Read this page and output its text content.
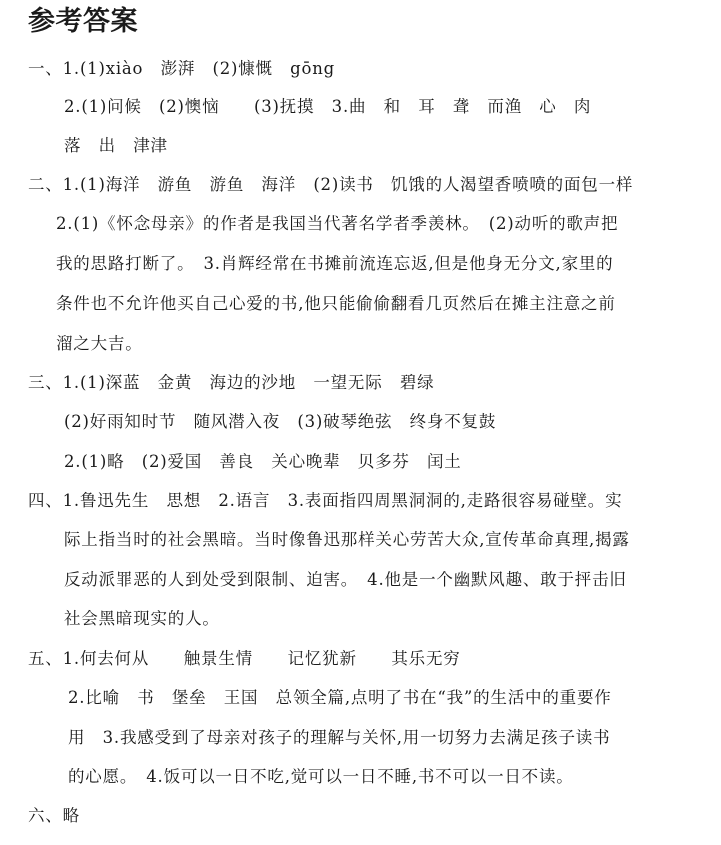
参考答案
一、1.(1)xiào　澎湃　(2)慷慨　gōng
2.(1)问候　(2)懊恼　　(3)抚摸　3.曲　和　耳　聋　而渔　心　肉
落　出　津津
二、1.(1)海洋　游鱼　游鱼　海洋　(2)读书　饥饿的人渴望香喷喷的面包一样
2.(1)《怀念母亲》的作者是我国当代著名学者季羡林。　(2)动听的歌声把
我的思路打断了。　3.肖辉经常在书摊前流连忘返,但是他身无分文,家里的
条件也不允许他买自己心爱的书,他只能偷偷翻看几页然后在摊主注意之前
溜之大吉。
三、1.(1)深蓝　金黄　海边的沙地　一望无际　碧绿
(2)好雨知时节　随风潜入夜　(3)破琴绝弦　终身不复鼓
2.(1)略　(2)爱国　善良　关心晚辈　贝多芬　闰土
四、1.鲁迅先生　思想　2.语言　3.表面指四周黑洞洞的,走路很容易碰壁。实
际上指当时的社会黑暗。当时像鲁迅那样关心劳苦大众,宣传革命真理,揭露
反动派罪恶的人到处受到限制、迫害。　4.他是一个幽默风趣、敢于抨击旧
社会黑暗现实的人。
五、1.何去何从　　触景生情　　记忆犹新　　其乐无穷
2.比喻　书　堡垒　王国　总领全篇,点明了书在“我”的生活中的重要作
用　3.我感受到了母亲对孩子的理解与关怀,用一切努力去满足孩子读书
的心愿。　4.饭可以一日不吃,觉可以一日不睡,书不可以一日不读。
六、略
